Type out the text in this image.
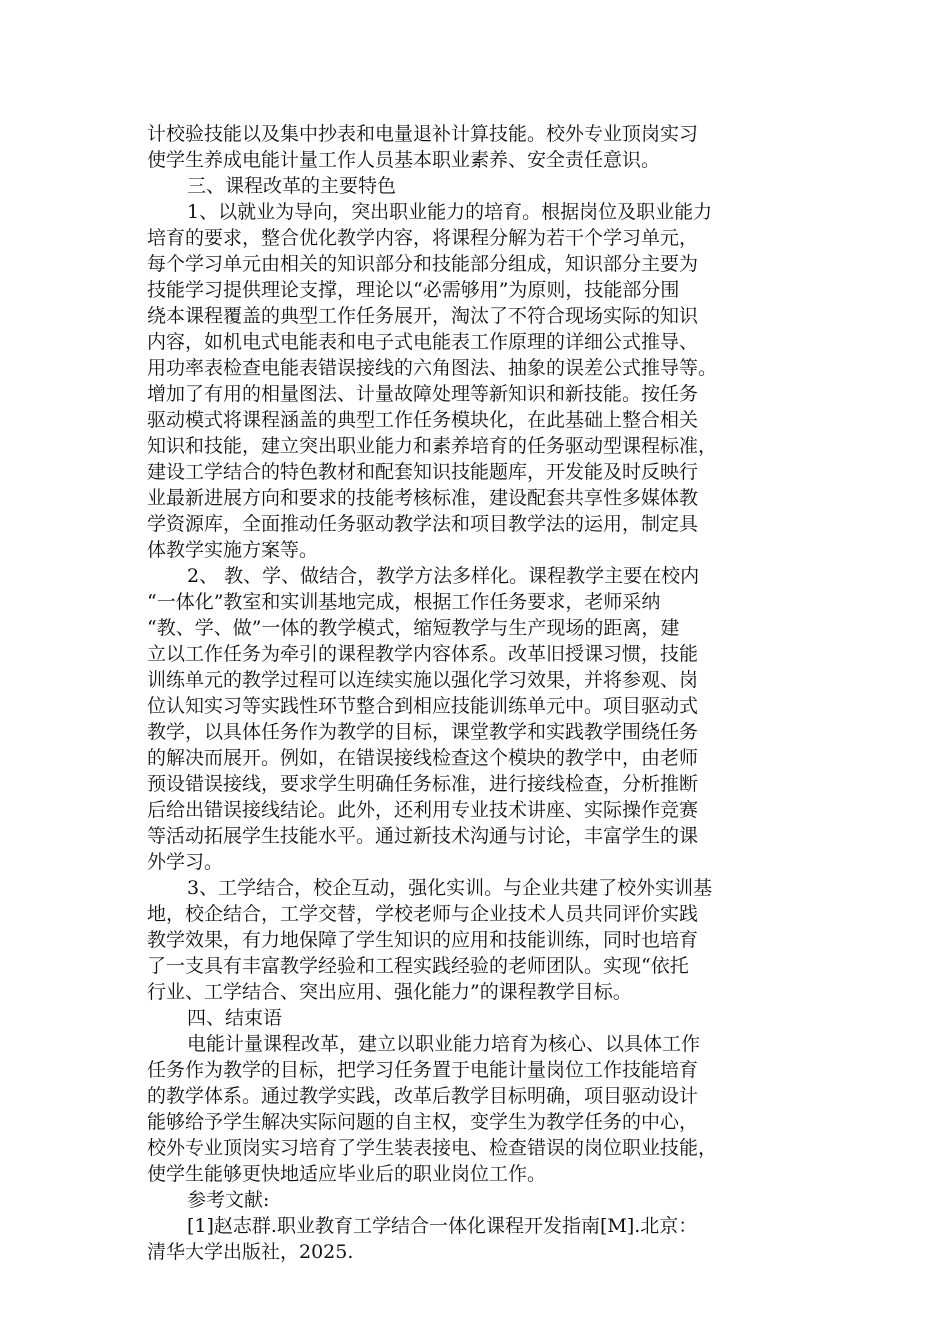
计校验技能以及集中抄表和电量退补计算技能。校外专业顶岗实习
使学生养成电能计量工作人员基本职业素养、安全责任意识。
三、课程改革的主要特色
1、以就业为导向，突出职业能力的培育。根据岗位及职业能力
培育的要求，整合优化教学内容，将课程分解为若干个学习单元，
每个学习单元由相关的知识部分和技能部分组成，知识部分主要为
技能学习提供理论支撑，理论以“必需够用”为原则，技能部分围
绕本课程覆盖的典型工作任务展开，淘汰了不符合现场实际的知识
内容，如机电式电能表和电子式电能表工作原理的详细公式推导、
用功率表检查电能表错误接线的六角图法、抽象的误差公式推导等。
增加了有用的相量图法、计量故障处理等新知识和新技能。按任务
驱动模式将课程涵盖的典型工作任务模块化，在此基础上整合相关
知识和技能，建立突出职业能力和素养培育的任务驱动型课程标准，
建设工学结合的特色教材和配套知识技能题库，开发能及时反映行
业最新进展方向和要求的技能考核标准，建设配套共享性多媒体教
学资源库，全面推动任务驱动教学法和项目教学法的运用，制定具
体教学实施方案等。
2、 教、学、做结合，教学方法多样化。课程教学主要在校内
“一体化”教室和实训基地完成，根据工作任务要求，老师采纳
“教、学、做”一体的教学模式，缩短教学与生产现场的距离，建
立以工作任务为牵引的课程教学内容体系。改革旧授课习惯，技能
训练单元的教学过程可以连续实施以强化学习效果，并将参观、岗
位认知实习等实践性环节整合到相应技能训练单元中。项目驱动式
教学，以具体任务作为教学的目标，课堂教学和实践教学围绕任务
的解决而展开。例如，在错误接线检查这个模块的教学中，由老师
预设错误接线，要求学生明确任务标准，进行接线检查，分析推断
后给出错误接线结论。此外，还利用专业技术讲座、实际操作竞赛
等活动拓展学生技能水平。通过新技术沟通与讨论，丰富学生的课
外学习。
3、工学结合，校企互动，强化实训。与企业共建了校外实训基
地，校企结合，工学交替，学校老师与企业技术人员共同评价实践
教学效果，有力地保障了学生知识的应用和技能训练，同时也培育
了一支具有丰富教学经验和工程实践经验的老师团队。实现“依托
行业、工学结合、突出应用、强化能力”的课程教学目标。
四、结束语
电能计量课程改革，建立以职业能力培育为核心、以具体工作
任务作为教学的目标，把学习任务置于电能计量岗位工作技能培育
的教学体系。通过教学实践，改革后教学目标明确，项目驱动设计
能够给予学生解决实际问题的自主权，变学生为教学任务的中心，
校外专业顶岗实习培育了学生装表接电、检查错误的岗位职业技能，
使学生能够更快地适应毕业后的职业岗位工作。
参考文献:
[1]赵志群.职业教育工学结合一体化课程开发指南[M].北京：
清华大学出版社，2025.
